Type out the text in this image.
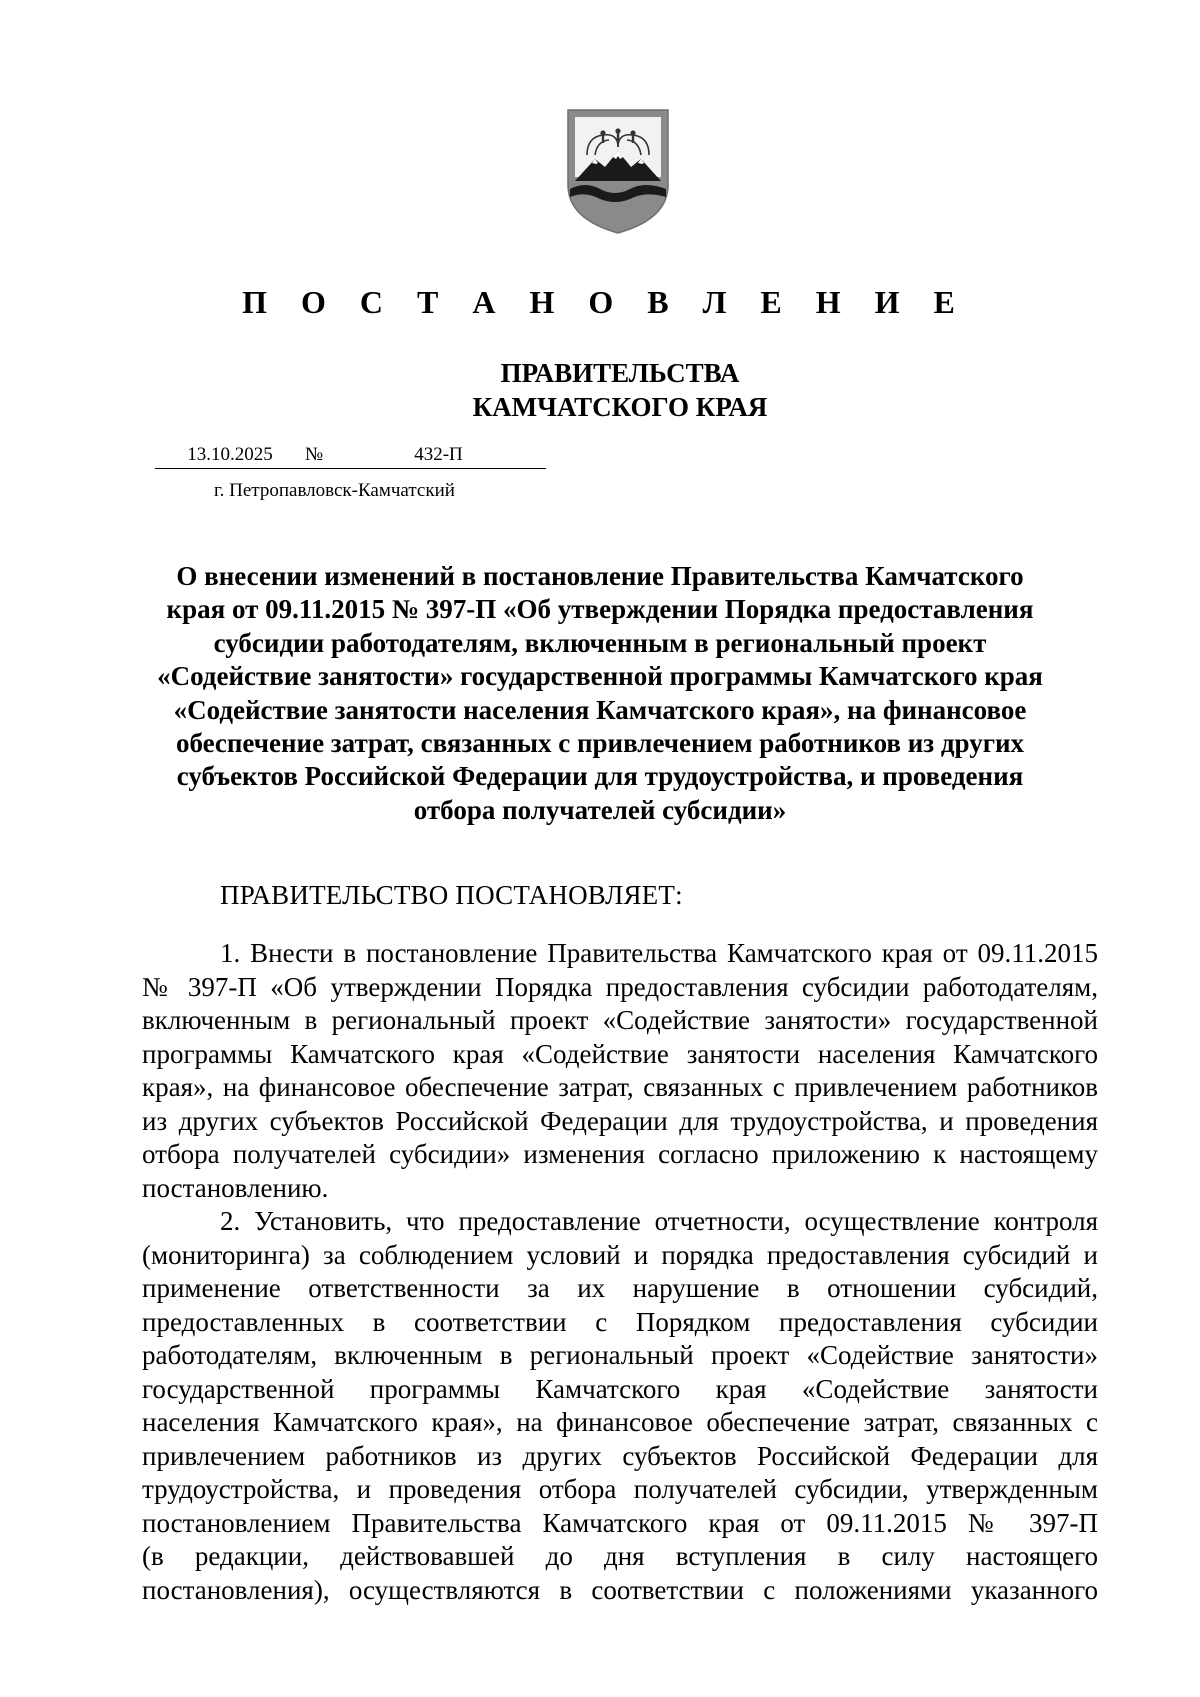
П О С Т А Н О В Л Е Н И Е
ПРАВИТЕЛЬСТВА
КАМЧАТСКОГО КРАЯ
13.10.2025 №	432-П
г. Петропавловск-Камчатский
О внесении изменений в постановление Правительства Камчатского
края от 09.11.2015 № 397-П «Об утверждении Порядка предоставления
субсидии работодателям, включенным в региональный проект
«Содействие занятости» государственной программы Камчатского края
«Содействие занятости населения Камчатского края», на финансовое
обеспечение затрат, связанных с привлечением работников из других
субъектов Российской Федерации для трудоустройства, и проведения
отбора получателей субсидии»
ПРАВИТЕЛЬСТВО ПОСТАНОВЛЯЕТ:
1. Внести в постановление Правительства Камчатского края от 09.11.2015
№ 397-П «Об утверждении Порядка предоставления субсидии работодателям,
включенным в региональный проект «Содействие занятости» государственной
программы Камчатского края «Содействие занятости населения Камчатского
края», на финансовое обеспечение затрат, связанных с привлечением работников
из других субъектов Российской Федерации для трудоустройства, и проведения
отбора получателей субсидии» изменения согласно приложению к настоящему
постановлению.
2. Установить, что предоставление отчетности, осуществление контроля
(мониторинга) за соблюдением условий и порядка предоставления субсидий и
применение ответственности за их нарушение в отношении субсидий,
предоставленных в соответствии с Порядком предоставления субсидии
работодателям, включенным в региональный проект «Содействие занятости»
государственной программы Камчатского края «Содействие занятости
населения Камчатского края», на финансовое обеспечение затрат, связанных с
привлечением работников из других субъектов Российской Федерации для
трудоустройства, и проведения отбора получателей субсидии, утвержденным
постановлением Правительства Камчатского края от 09.11.2015 № 397-П
(в редакции, действовавшей до дня вступления в силу настоящего
постановления), осуществляются в соответствии с положениями указанного
